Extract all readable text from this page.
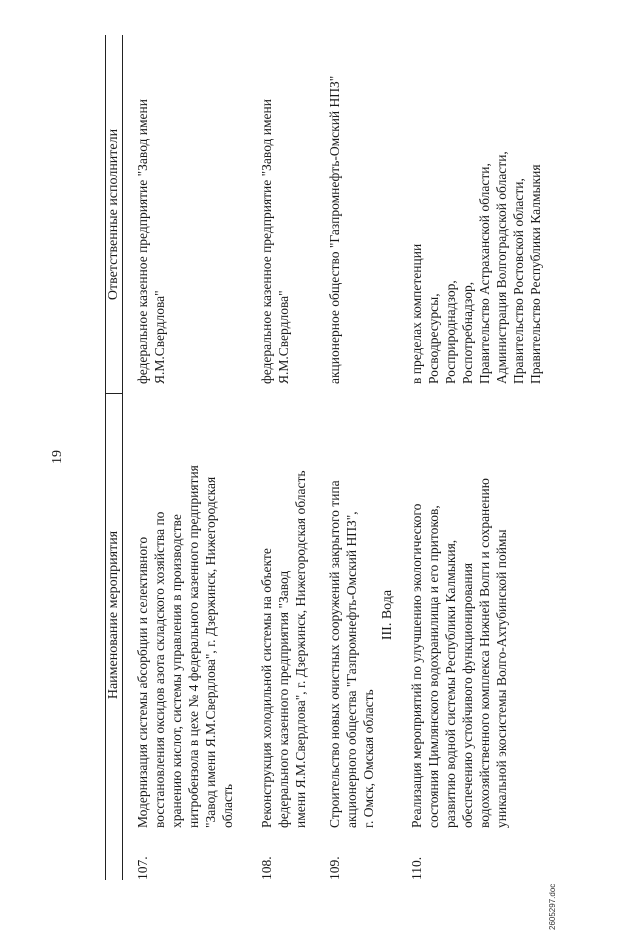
19
Наименование мероприятия
Ответственные исполнители
107.
Модернизация системы абсорбции и селективного восстановления оксидов азота складского хозяйства по хранению кислот, системы управления в производстве нитробензола в цехе № 4 федерального казенного предприятия "Завод имени Я.М.Свердлова", г. Дзержинск, Нижегородская область
федеральное казенное предприятие "Завод имени Я.М.Свердлова"
108.
Реконструкция холодильной системы на объекте федерального казенного предприятия "Завод имени Я.М.Свердлова", г. Дзержинск, Нижегородская область
федеральное казенное предприятие "Завод имени Я.М.Свердлова"
109.
Строительство новых очистных сооружений закрытого типа акционерного общества "Газпромнефть-Омский НПЗ", г. Омск, Омская область
акционерное общество "Газпромнефть-Омский НПЗ"
III. Вода
110.
Реализация мероприятий по улучшению экологического состояния Цимлянского водохранилища и его притоков, развитию водной системы Республики Калмыкия, обеспечению устойчивого функционирования водохозяйственного комплекса Нижней Волги и сохранению уникальной экосистемы Волго-Ахтубинской поймы
в пределах компетенции Росводресурсы, Росприроднадзор, Роспотребнадзор, Правительство Астраханской области, Администрация Волгоградской области, Правительство Ростовской области, Правительство Республики Калмыкия
2605297.doc
